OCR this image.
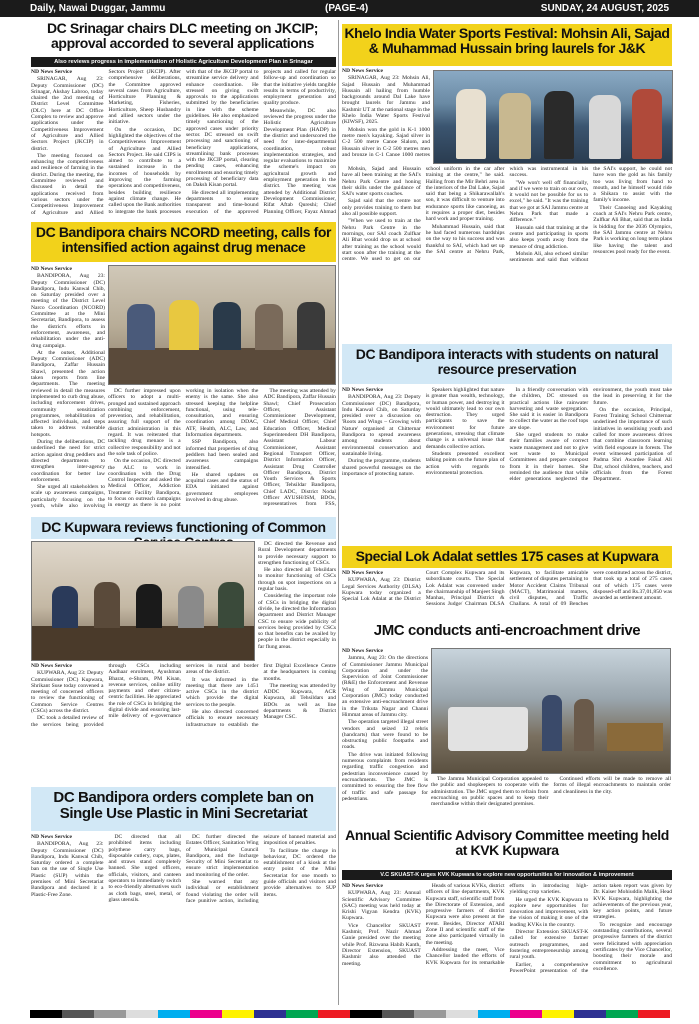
Daily, Nawai Duggar, Jammu	(PAGE-4)	SUNDAY, 24 AUGUST, 2025
DC Srinagar chairs DLC meeting on JKCIP; approval accorded to several applications
Also reviews progress in implementation of Holistic Agriculture Development Plan in Srinagar

ND News Service

SRINAGAR, Aug 23: Deputy Commissioner (DC) Srinagar, Akshay Labroo, today chaired the 2nd meeting of District Level Committee (DLC) here at DC Office Complex to review and approve applications under the Competitiveness Improvement of Agriculture and Allied Sectors Project (JKCIP) in district.

The meeting focused on enhancing the competitiveness and resilience of farming in the district. During the meeting, the Committee reviewed and discussed in detail the applications received from various sectors under the Competitiveness Improvement of Agriculture and Allied Sectors Project (JKCIP). After comprehensive deliberations, the Committee approved several cases from Agriculture, Horticulture Planning & Marketing, Fisheries, Horticulture, Sheep Husbandry and allied sectors under the initiative.

On the occasion, DC highlighted the objectives of the Competitiveness Improvement of Agriculture and Allied Sectors Project. He said CIPS is aimed to contribute to a sustained increase in the incomes of households by improving the farming operations and competitiveness, besides building resilience against climate change. He called upon the Bank authorities to integrate the bank processes with that of the JKCIP portal to streamline service delivery and enhance coordination. He stressed on giving swift approvals to the applications submitted by the beneficiaries in line with the scheme guidelines. He also emphasized timely sanctioning of the approved cases under priority sector. DC stressed on swift processing and sanctioning of beneficiary applications, streamlining bank processes with the JKCIP portal, clearing pending cases, enhancing enrollments and ensuring timely processing of beneficiary data on Daksh Kisan portal.

He directed all implementing departments to ensure transparent and time-bound execution of the approved projects and called for regular follow-up and coordination so that the initiative yields tangible results in terms of productivity, employment generation and quality produce.

Meanwhile, DC also reviewed the progress under the Holistic Agriculture Development Plan (HADP) in the district and underscored the need for inter-departmental coordination, robust implementation strategies, and regular evaluations to maximize the scheme's impact on agricultural growth and employment generation in the district. The meeting was attended by Additional District Development Commissioner, Rifat Aftab Qureshi; Chief Planning Officer, Fayaz Ahmad

Khelo India Water Sports Festival: Mohsin Ali, Sajad & Muhammad Hussain bring laurels for J&K

ND News Service

SRINAGAR, Aug 23: Mohsin Ali, Sajad Hussain and Muhammad Hussain all hailing from humble backgrounds around Dal Lake have brought laurels for Jammu and Kashmir UT at the national stage in the Khelo India Water Sports Festival (KIWSF), 2025.

Mohsin won the gold in K-1 1000 metre men's kayaking. Sajad silver in C-2 500 metre Canoe Slalom, and Hussain silver in C-2 500 metres men and bronze in C-1 Canoe 1000 metres

Mohsin, Sajad and Hussain have all been training at the SAI's Nehru Park Centre and honing their skills under the guidance of SAI's water sports coaches.

Sajad said that the centre not only provides training to them but also all possible support.

"When we used to train at the Nehru Park Centre in the mornings, our SAI coach Zulfkar Ali Bhat would drop us at school after training as the school would start soon after the training at the centre. We used to get on our school uniform in the car after training at the centre," he said. Hailing from the Mir Behri area in the interiors of the Dal Lake, Sajad said that being a Shikarawallah's son, it was difficult to venture into endurance sports like canoeing, as it requires a proper diet, besides hard work and proper training.

Muhammad Hussain, said that he had faced numerous hardships on the way to his success and was thankful to SAI, which had set up the SAI centre at Nehru Park, which was instrumental in his success.

"We won't well off financially, and if we were to train on our own, it would not be possible for us to excel," he said. "It was the training that we got at SAI Jammu centre at Nehru Park that made a difference."

Hussain said that training at the centre and participating in sports also keeps youth away from the menace of drug addiction.

Mohsin Ali, also echoed similar sentiments and said that without the SAI's support, he could not have won the gold as his family too was living from hand to mouth, and he himself would ride a Shikara to assist with the family's income.

Their Canoeing and Kayaking coach at SAI's Nehru Park centre, Zulfkar Ali Bhat, said that as India is bidding for the 2036 Olympics, the SAI Jammu centre at Nehru Park is working on long term plans like having the talent and resources pool ready for the event.

DC Bandipora chairs NCORD meeting, calls for intensified action against drug menace

ND News Service

BANDIPORA, Aug 23: Deputy Commissioner (DC) Bandipora, Indu Kanwal Chib, on Saturday presided over a meeting of the District Level Narco Coordination (NCORD) Committee at the Mini Secretariat, Bandipora, to assess the district's efforts in enforcement, awareness, and rehabilitation under the anti-drug campaign.

At the outset, Additional Deputy Commissioner (ADC) Bandipora, Zaffar Hussain Shawl, presented the action taken reports from line departments. The meeting reviewed in detail the measures implemented to curb drug abuse, including enforcement drives, community sensitization programmes, rehabilitation of affected individuals, and steps taken to address vulnerable hotspots.

During the deliberations, DC underlined the need for strict action against drug peddlers and directed departments to strengthen inter-agency coordination for better law enforcement.

She urged all stakeholders to scale up awareness campaigns, particularly focusing on the youth, while also involving

DC further impressed upon officers to adopt a multi-pronged and sustained approach combining enforcement, prevention, and rehabilitation, assuring full support of the district administration in this regard. It was reiterated that tackling drug menace is a collective responsibility and not the sole task of police.

On the occasion, DC directed the ALC to work in coordination with the Drug Control Inspector and asked the Medical Officer, Addiction Treatment Facility Bandipora, to focus on outreach campaigns in energy as there is no point working in isolation when the enemy is the same. She also stressed keeping the helpline functional, using tele-consultation, and ensuring coordination among DDAC, ATF, Health, ALC, Law, and Information departments.

SSP Bandipora, also informed that properties of drug peddlers had been sealed and awareness campaigns intensified.

He shared updates on acquittal cases and the status of EDA initiated against government employees involved in drug abuse.

The meeting was attended by ADC Bandipora, Zaffar Hussain Shawl; Chief Prosecution Officer, Assistant Commissioner Development, Chief Medical Officer, Chief Education Officer, Medical Superintendent DH Bandipora, Assistant Labour Commissioner, Assistant Regional Transport Officer, District Information Officer, Assistant Drug Controller Officer Bandipora, District Youth Services & Sports Officer, Tehsildar Bandipora, Chief LADC, District Nodal Officer AYUSH/ISM, BDOs, representatives from FSS,

DC Bandipora interacts with students on natural resource preservation

ND News Service

BANDIPORA, Aug 23: Deputy Commissioner (DC) Bandipora, Indu Kanwal Chib, on Saturday presided over a discussion on 'Roots and Wings – Growing with Nature' organised at Chitternar Bandipora to spread awareness among students about environmental conservation and sustainable living.

During the programme, students shared powerful messages on the importance of protecting nature.

Speakers highlighted that nature is greater than wealth, technology, or human power, and destroying it would ultimately lead to our own destruction. They urged participants to save the environment for future generations, stressing that climate change is a universal issue that demands collective action.

Students presented excellent talking points on the future plan of action with regards to environmental protection.

In a friendly conversation with the children, DC stressed on practical actions like rainwater harvesting and waste segregation. She said it is easier in Bandipora to collect the water as the roof tops are slope.

She urged students to make their families aware of correct waste management and not to give wet waste to Municipal Committees and prepare compost from it in their homes. She reminded the audience that while elder generations neglected the environment, the youth must take the lead in preserving it for the future.

On the occasion, Principal, Forest Training School Chitternar underlined the importance of such initiatives in sensitising youth and called for more awareness drives that combine classroom learning with field exposure in forests. The event witnessed participation of Padma Shri Awardee Faisal Ali Dar, school children, teachers, and officials from the Forest Department.

Special Lok Adalat settles 175 cases at Kupwara

ND News Service

KUPWARA, Aug 23: District Legal Services Authority (DLSA) Kupwara today organized a Special Lok Adalat at the District Court Complex Kupwara and its subordinate courts. The Special Lok Adalat was convened under the chairmanship of Manjeet Singh Manhas, Principal District & Sessions Judge/ Chairman DLSA Kupwara, to facilitate amicable settlement of disputes pertaining to Motor Accident Claims Tribunal (MACT), Matrimonial matters, civil disputes, and Traffic Challans. A total of 09 Benches were constituted across the district, that took up a total of 275 cases out of which 175 cases were disposed-off and Rs.37,01,850 was awarded as settlement amount.

JMC conducts anti-encroachment drive

ND News Service

Jammu, Aug 23: On the directions of Commissioner Jammu Municipal Corporation and under the Supervision of Joint Commissioner (R&E) the Enforcement and Revenue Wing of Jammu Municipal Corporation (JMC) today conducted an extensive anti-encroachment drive in the Trikuta Nagar and Channi Himmat areas of Jammu city.

The operation targeted illegal street vendors and seized 12 rehris (handcarts) that were found to be obstructing public footpaths and roads.

The drive was initiated following numerous complaints from residents regarding traffic congestion and pedestrian inconvenience caused by encroachments. The JMC is committed to ensuring the free flow of traffic and safe passage for pedestrians.

The Jammu Municipal Corporation appealed to the public and shopkeepers to cooperate with the administration. The JMC urged them to refrain from encroaching on public spaces and to keep their merchandise within their designated premises.

Continued efforts will be made to remove all forms of illegal encroachments to maintain order and cleanliness in the city.

DC Kupwara reviews functioning of Common

DC directed the Revenue and Rural Development departments to provide necessary support to strengthen functioning of CSCs.

He also directed all Tehsildars to monitor functioning of CSCs through on spot inspections on a regular basis.

Considering the important role of CSCs in bridging the digital divide, he directed the Information department and District Manager CSC to ensure wide publicity of services being provided by CSCs so that benefits can be availed by people in the district especially in far flung areas.

ND News Service

KUPWARA, Aug 23: Deputy Commissioner (DC) Kupwara, Shrikant Suse today convened a meeting of concerned officers to review the functioning of Common Service Centres (CSCs) across the district.

DC took a detailed review of the services being provided through CSCs including Aadhaar enrolment, Ayushman Bharat, e-Shram, PM Kisan, revenue services, online utility payments and other citizen-centric facilities. He appreciated the role of CSCs in bridging the digital divide and ensuring last-mile delivery of e-governance services in rural and border areas of the district.

It was informed in the meeting that there are 1451 active CSCs in the district which provide the digital services to the people.

He also directed concerned officials to ensure necessary infrastructure to establish the first Digital Excellence Centre at the headquarters in coming months.

The meeting was attended by ADDC Kupwara, ACR Kupwara, all Tehsildars and BDOs as well as line departments & District Manager CSC.

DC Bandipora orders complete ban on Single Use Plastic in Mini Secretariat

ND News Service

BANDIPORA, Aug 23: Deputy Commissioner (DC) Bandipora, Indu Kanwal Chib, Saturday ordered a complete ban on the use of Single Use Plastic (SUP) within the premises of Mini Secretariat Bandipora and declared it a Plastic-Free Zone.

DC directed that all prohibited items including polythene carry bags, disposable cutlery, cups, plates, and straws stand completely banned. She urged officers, officials, visitors, and canteen operators to immediately switch to eco-friendly alternatives such as cloth bags, steel, metal, or glass utensils.

DC further directed the Estates Officer, Sanitation Wing of Municipal Council Bandipora, and the Incharge Security of Mini Secretariat to ensure strict implementation and monitoring of the order.

She warned that any individual or establishment found violating the order will face punitive action, including seizure of banned material and imposition of penalties.

To facilitate the change in behaviour, DC ordered the establishment of a kiosk at the entry point of the Mini Secretariat for one month to guide officials and visitors and provide alternatives to SUP items.

Annual Scientific Advisory Committee meeting held at KVK Kupwara
V.C SKUAST-K urges KVK Kupwara to explore new opportunities for innovation & improvement

ND News Service

KUPWARA, Aug 23: Annual Scientific Advisory Committee (SAC) meeting was held today at Krishi Vigyan Kendra (KVK) Kupwara.

Vice Chancellor SKUAST Kashmir, Prof. Nazir Ahmad Ganie presided over the meeting while Prof. Rizwana Habib Kanth, Director Extension, SKUAST Kashmir also attended the meeting.

Heads of various KVKs, district officers of line departments, KVK Kupwara staff, scientific staff from the Directorate of Extension, and progressive farmers of district Kupwara were also present at the event. Besides, Director ATARI Zone II and scientific staff of the zone also participated virtually in the meeting.

Addressing the meet, Vice Chancellor lauded the efforts of KVK Kupwara for its remarkable efforts in introducing high-yielding crop varieties.

He urged the KVK Kupwara to explore new opportunities for innovation and improvement, with the vision of making it one of the leading KVKs in the country.

Director Extension SKUAST-K called for extensive farmer outreach programmes, and fostering entrepreneurship among rural youth.

Earlier, a comprehensive PowerPoint presentation of the action taken report was given by Dr. Kaiser Mohiuddin Malik, Head KVK Kupwara, highlighting the achievements of the previous year, key action points, and future strategies.

To recognize and encourage outstanding contributions, several progressive farmers of the district were felicitated with appreciation certificates by the Vice Chancellor, boosting their morale and commitment to agricultural excellence.
